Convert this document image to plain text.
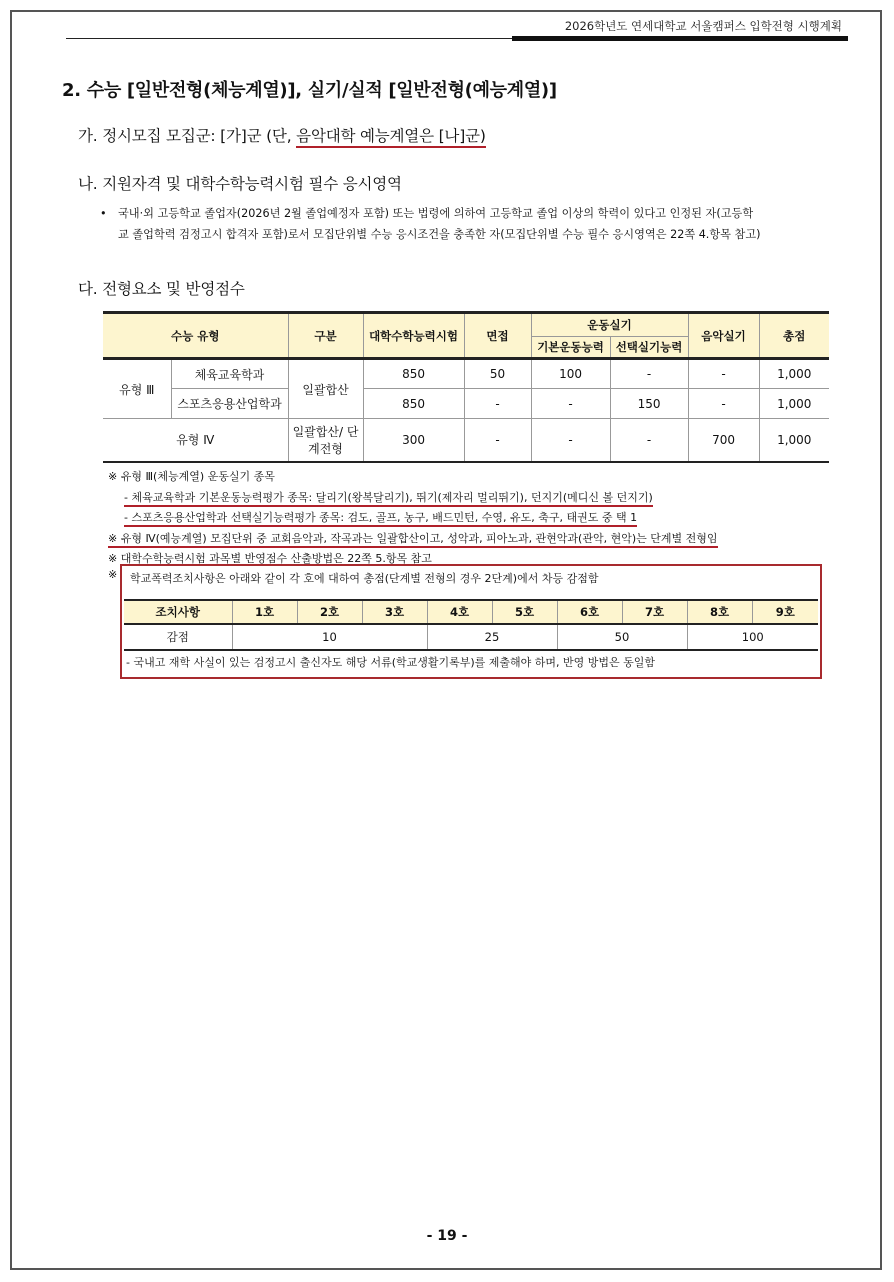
2026학년도 연세대학교 서울캠퍼스 입학전형 시행계획
2. 수능 [일반전형(체능계열)], 실기/실적 [일반전형(예능계열)]
가. 정시모집 모집군: [가]군 (단, 음악대학 예능계열은 [나]군)
나. 지원자격 및 대학수학능력시험 필수 응시영역
•	국내·외 고등학교 졸업자(2026년 2월 졸업예정자 포함) 또는 법령에 의하여 고등학교 졸업 이상의 학력이 있다고 인정된 자(고등학
교 졸업학력 검정고시 합격자 포함)로서 모집단위별 수능 응시조건을 충족한 자(모집단위별 수능 필수 응시영역은 22쪽 4.항목 참고)
다. 전형요소 및 반영점수
수능 유형		구분	대학수학능력시험	면접	운동실기		음악실기	총점
					기본운동능력	선택실기능력		
유형 Ⅲ	체육교육학과	일괄합산	850	50	100	-	-	1,000
	스포츠응용산업학과		850	-	-	150	-	1,000
유형 Ⅳ		일괄합산/ 단계전형	300	-	-	-	700	1,000
※ 유형 Ⅲ(체능계열) 운동실기 종목
- 체육교육학과 기본운동능력평가 종목: 달리기(왕복달리기), 뛰기(제자리 멀리뛰기), 던지기(메디신 볼 던지기)
- 스포츠응용산업학과 선택실기능력평가 종목: 검도, 골프, 농구, 배드민턴, 수영, 유도, 축구, 태권도 중 택 1
※ 유형 Ⅳ(예능계열) 모집단위 중 교회음악과, 작곡과는 일괄합산이고, 성악과, 피아노과, 관현악과(관악, 현악)는 단계별 전형임
※ 대학수학능력시험 과목별 반영점수 산출방법은 22쪽 5.항목 참고
※ 학교폭력조치사항은 아래와 같이 각 호에 대하여 총점(단계별 전형의 경우 2단계)에서 차등 감점함
조치사항	1호	2호	3호	4호	5호	6호	7호	8호	9호
감점	10			25		50		100	
- 국내고 재학 사실이 있는 검정고시 출신자도 해당 서류(학교생활기록부)를 제출해야 하며, 반영 방법은 동일함
- 19 -
